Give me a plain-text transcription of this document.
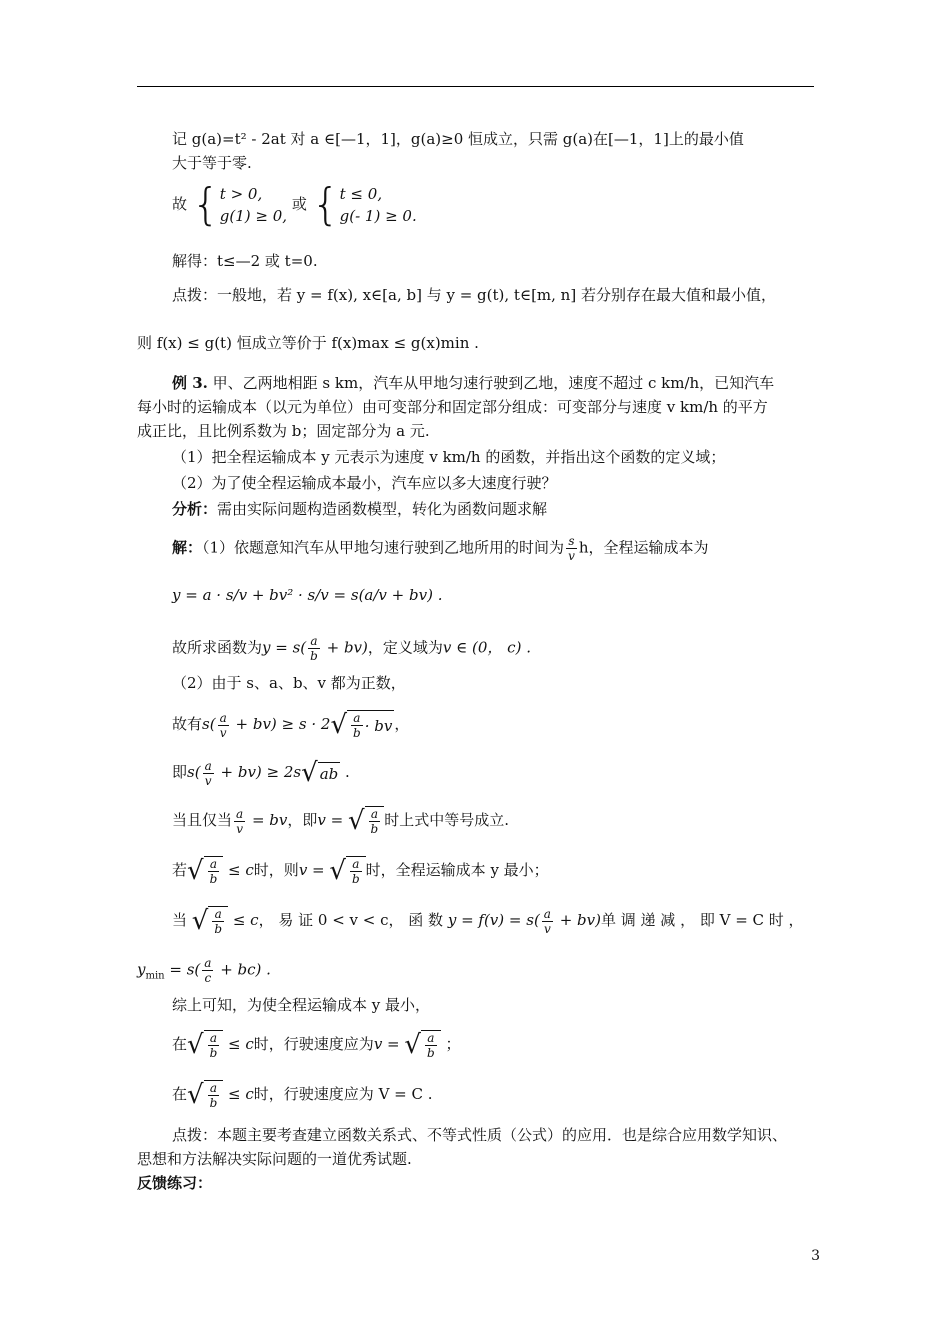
记 g(a)=t² - 2at 对 a ∈[—1，1]，g(a)≥0 恒成立，只需 g(a)在[—1，1]上的最小值
大于等于零.
故 { t > 0,
g(1) ≥ 0,
或 { t ≤ 0,
g(- 1) ≥ 0.
解得：t≤—2 或 t=0.
点拨：一般地，若 y = f(x), x∈[a, b] 与 y = g(t), t∈[m, n] 若分别存在最大值和最小值，
则 f(x) ≤ g(t) 恒成立等价于 f(x)max ≤ g(x)min .
例 3. 甲、乙两地相距 s km，汽车从甲地匀速行驶到乙地，速度不超过 c km/h，已知汽车
每小时的运输成本（以元为单位）由可变部分和固定部分组成：可变部分与速度 v km/h 的平方
成正比，且比例系数为 b；固定部分为 a 元.
（1）把全程运输成本 y 元表示为速度 v km/h 的函数，并指出这个函数的定义域；
（2）为了使全程运输成本最小，汽车应以多大速度行驶？
分析：需由实际问题构造函数模型，转化为函数问题求解
解：（1）依题意知汽车从甲地匀速行驶到乙地所用的时间为 $\frac{s}{v}$ h，全程运输成本为
y = a · s/v + bv² · s/v = s(a/v + bv) .
故所求函数为$y = s( \frac{a}{b} + bv)$，定义域为v ∈ (0， c) .
（2）由于 s、a、b、v 都为正数，
故有$s( \frac{a}{v} + bv) \ge s \cdot 2$ √ $\frac{a}{b}$ · bv ，
即$s( \frac{a}{v} + bv) \ge 2s$ √ ab .
当且仅当 $\frac{a}{v}$ = bv，即v = √ $\frac{a}{b}$ 时上式中等号成立.
若 √ $\frac{a}{b} \le c$时，则v = √ $\frac{a}{b}$ 时，全程运输成本 y 最小；
当 √ $\frac{a}{b} \le c$， 易 证 0 < v < c， 函 数 $y = f(v) = s( \frac{a}{v} + bv)$单 调 递 减 ， 即 V = C 时 ，
$y_{min} = s( \frac{a}{c} + bc)$ .
综上可知，为使全程运输成本 y 最小，
在 √ $\frac{a}{b} \le c$时，行驶速度应为v = √ $\frac{a}{b}$ ；
在 √ $\frac{a}{b} \le c$时，行驶速度应为 V = C .
点拨：本题主要考查建立函数关系式、不等式性质（公式）的应用．也是综合应用数学知识、
思想和方法解决实际问题的一道优秀试题.
反馈练习：
3
